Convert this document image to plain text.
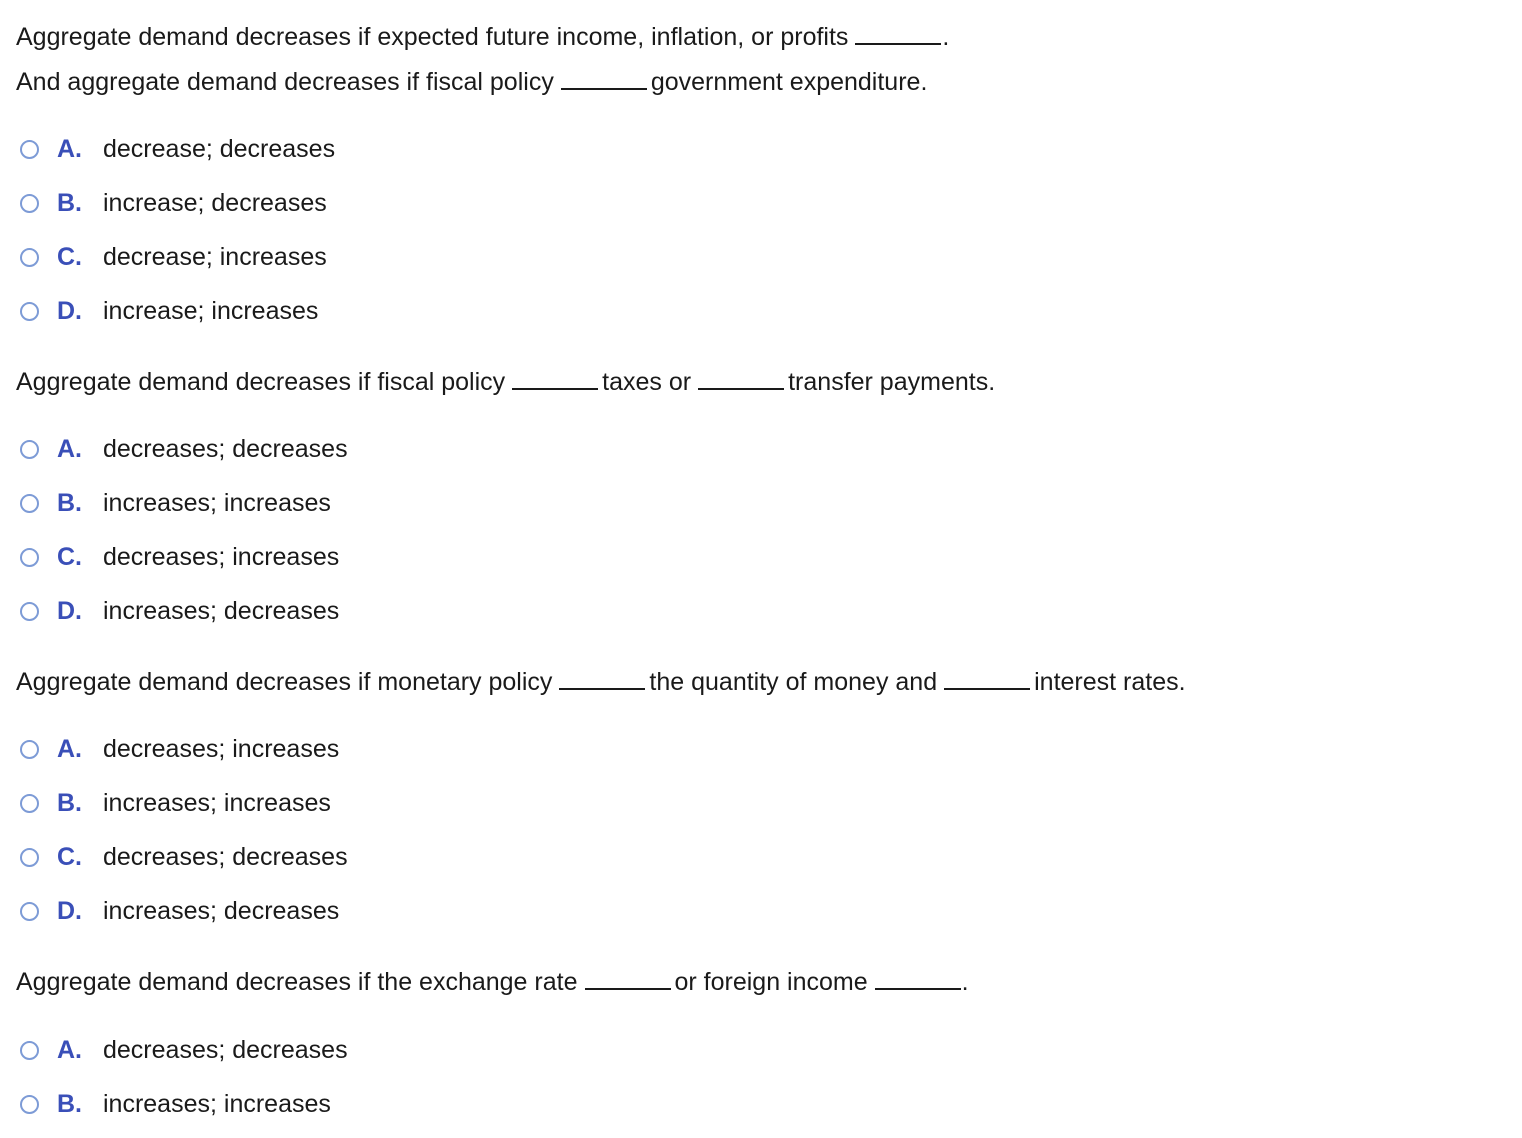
Aggregate demand decreases if expected future income, inflation, or profits	.
And aggregate demand decreases if fiscal policy	government expenditure.
A. decrease; decreases
B. increase; decreases
C. decrease; increases
D. increase; increases
Aggregate demand decreases if fiscal policy	taxes or	transfer payments.
A. decreases; decreases
B. increases; increases
C. decreases; increases
D. increases; decreases
Aggregate demand decreases if monetary policy	the quantity of money and	interest rates.
A. decreases; increases
B. increases; increases
C. decreases; decreases
D. increases; decreases
Aggregate demand decreases if the exchange rate	or foreign income	.
A. decreases; decreases
B. increases; increases
